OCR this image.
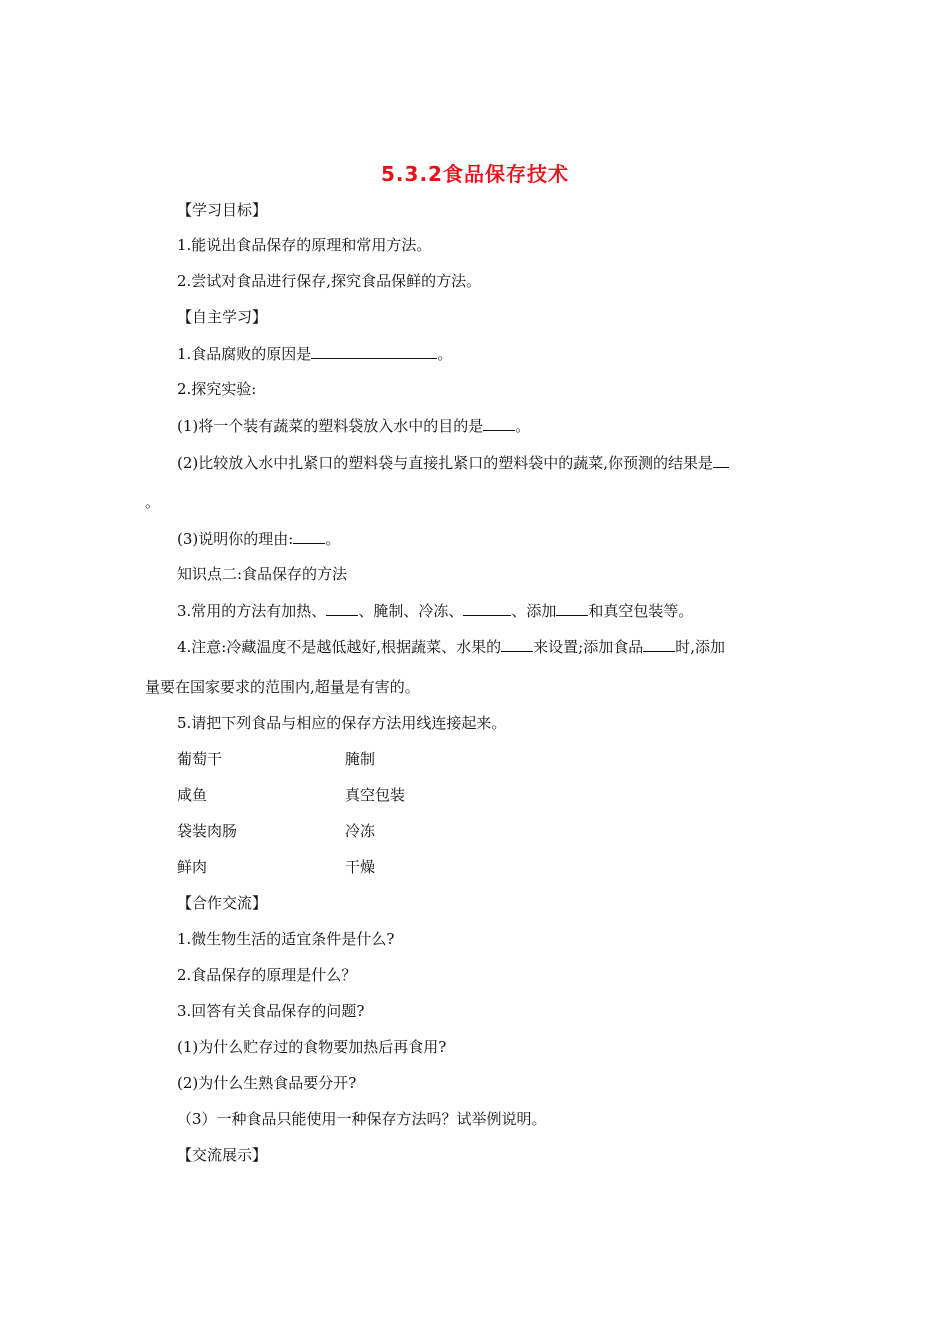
5.3.2食品保存技术
【学习目标】
1.能说出食品保存的原理和常用方法。
2.尝试对食品进行保存,探究食品保鲜的方法。
【自主学习】
1.食品腐败的原因是	。
2.探究实验:
(1)将一个装有蔬菜的塑料袋放入水中的目的是 。
(2)比较放入水中扎紧口的塑料袋与直接扎紧口的塑料袋中的蔬菜,你预测的结果是
。
(3)说明你的理由: 。
知识点二:食品保存的方法
3.常用的方法有加热、 、腌制、冷冻、	、添加 和真空包装等。
4.注意:冷藏温度不是越低越好,根据蔬菜、水果的 来设置;添加食品 时,添加
量要在国家要求的范围内,超量是有害的。
5.请把下列食品与相应的保存方法用线连接起来。
葡萄干	腌制
咸鱼	真空包装
袋装肉肠	冷冻
鲜肉	干燥
【合作交流】
1.微生物生活的适宜条件是什么?
2.食品保存的原理是什么？
3.回答有关食品保存的问题?
(1)为什么贮存过的食物要加热后再食用?
(2)为什么生熟食品要分开?
（3）一种食品只能使用一种保存方法吗？试举例说明。
【交流展示】
